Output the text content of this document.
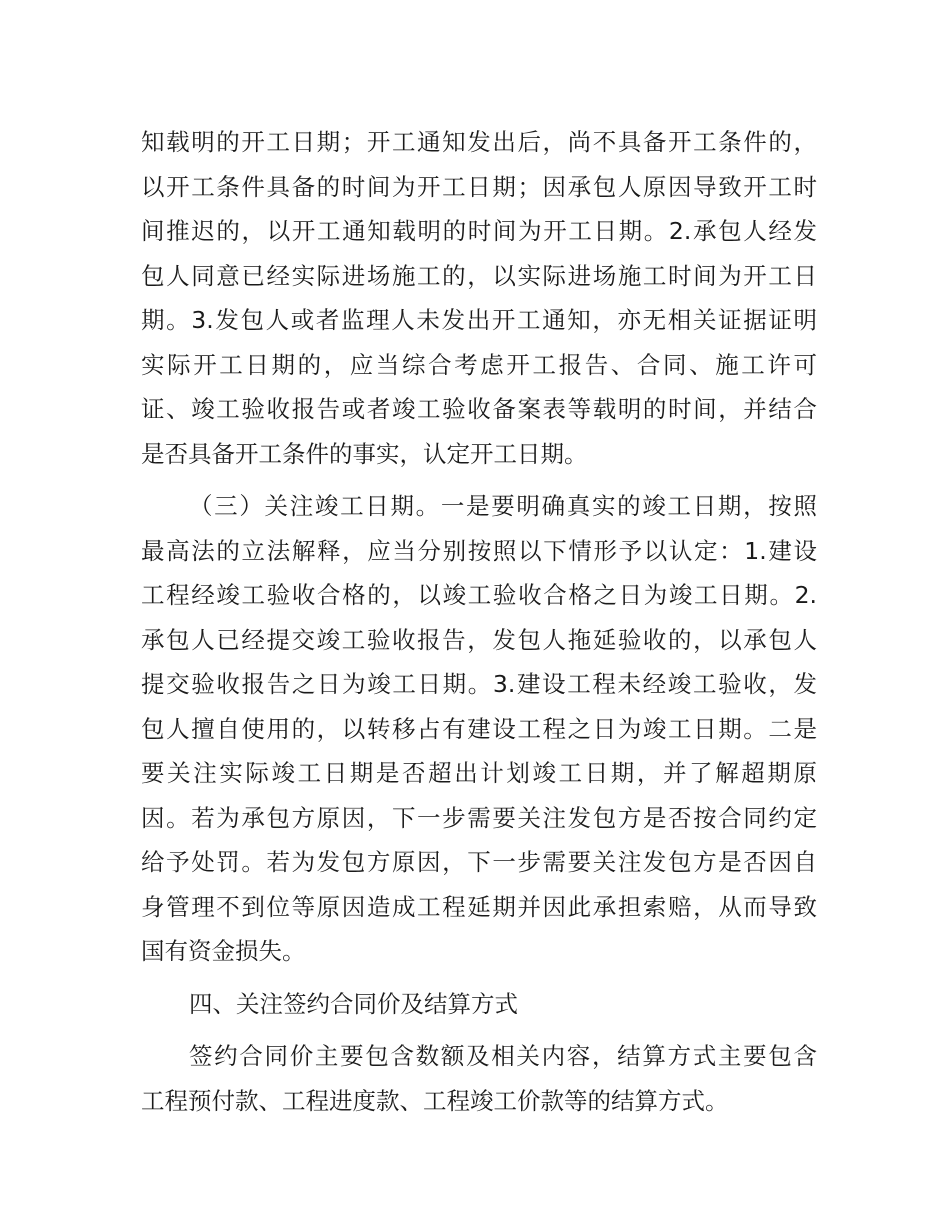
知载明的开工日期；开工通知发出后，尚不具备开工条件的，
以开工条件具备的时间为开工日期；因承包人原因导致开工时
间推迟的，以开工通知载明的时间为开工日期。2.承包人经发
包人同意已经实际进场施工的，以实际进场施工时间为开工日
期。3.发包人或者监理人未发出开工通知，亦无相关证据证明
实际开工日期的，应当综合考虑开工报告、合同、施工许可
证、竣工验收报告或者竣工验收备案表等载明的时间，并结合
是否具备开工条件的事实，认定开工日期。
（三）关注竣工日期。一是要明确真实的竣工日期，按照
最高法的立法解释，应当分别按照以下情形予以认定：1.建设
工程经竣工验收合格的，以竣工验收合格之日为竣工日期。2.
承包人已经提交竣工验收报告，发包人拖延验收的，以承包人
提交验收报告之日为竣工日期。3.建设工程未经竣工验收，发
包人擅自使用的，以转移占有建设工程之日为竣工日期。二是
要关注实际竣工日期是否超出计划竣工日期，并了解超期原
因。若为承包方原因，下一步需要关注发包方是否按合同约定
给予处罚。若为发包方原因，下一步需要关注发包方是否因自
身管理不到位等原因造成工程延期并因此承担索赔，从而导致
国有资金损失。
四、关注签约合同价及结算方式
签约合同价主要包含数额及相关内容，结算方式主要包含
工程预付款、工程进度款、工程竣工价款等的结算方式。
